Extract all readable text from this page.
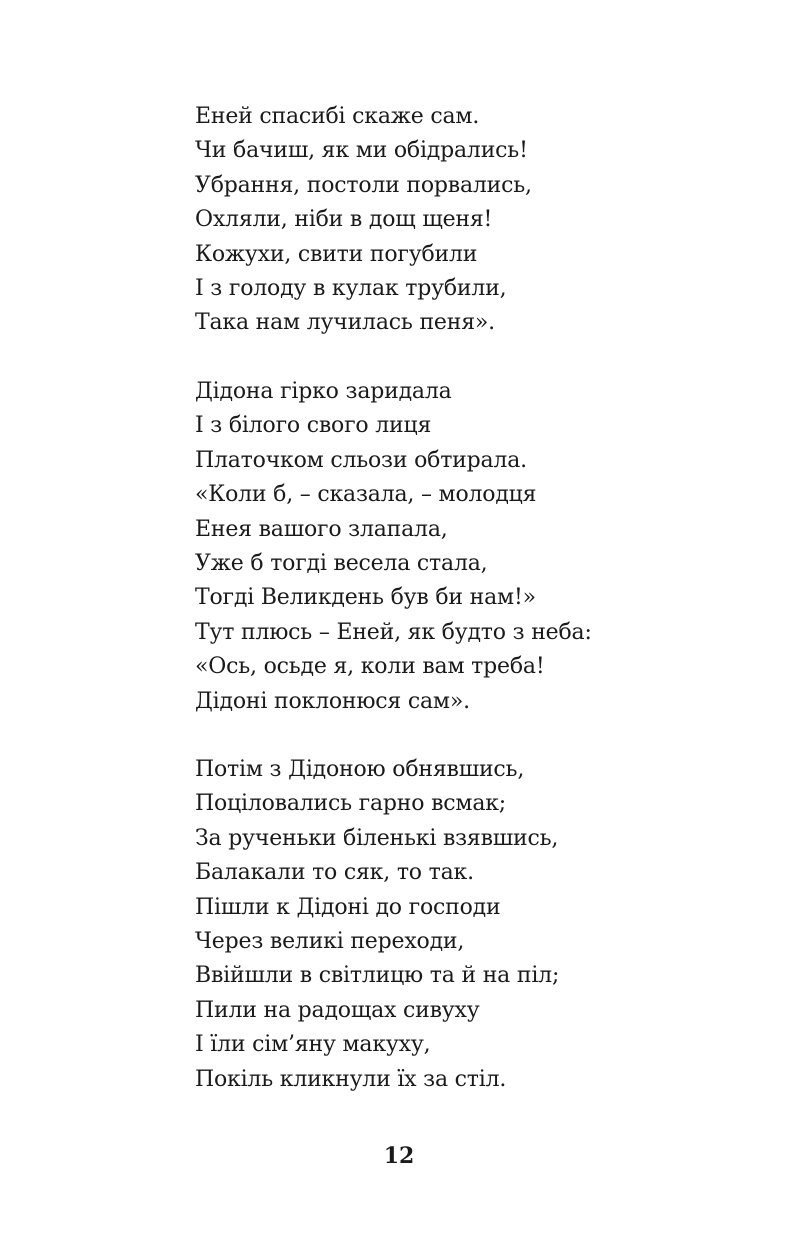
Еней спасибі скаже сам.
Чи бачиш, як ми обідрались!
Убрання, постоли порвались,
Охляли, ніби в дощ щеня!
Кожухи, свити погубили
І з голоду в кулак трубили,
Така нам лучилась пеня».
Дідона гірко заридала
І з білого свого лиця
Платочком сльози обтирала.
«Коли б, – сказала, – молодця
Енея вашого злапала,
Уже б тогді весела стала,
Тогді Великдень був би нам!»
Тут плюсь – Еней, як будто з неба:
«Ось, осьде я, коли вам треба!
Дідоні поклонюся сам».
Потім з Дідоною обнявшись,
Поціловались гарно всмак;
За рученьки біленькі взявшись,
Балакали то сяк, то так.
Пішли к Дідоні до господи
Через великі переходи,
Ввійшли в світлицю та й на піл;
Пили на радощах сивуху
І їли сім’яну макуху,
Покіль кликнули їх за стіл.
12
